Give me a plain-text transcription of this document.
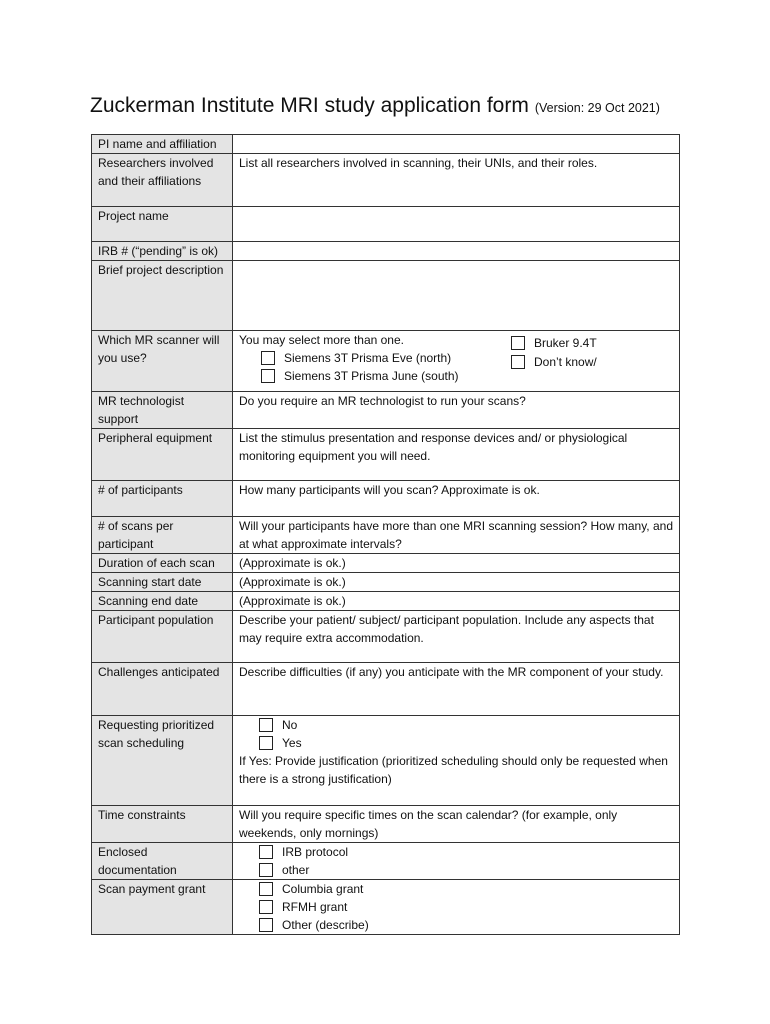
Zuckerman Institute MRI study application form (Version: 29 Oct 2021)
PI name and affiliation	
Researchers involved and their affiliations	List all researchers involved in scanning, their UNIs, and their roles.
Project name	
IRB # (“pending” is ok)	
Brief project description	
Which MR scanner will you use?	You may select more than one.
Siemens 3T Prisma Eve (north)
Siemens 3T Prisma June (south)
Bruker 9.4T
Don’t know/

MR technologist support	Do you require an MR technologist to run your scans?
Peripheral equipment	List the stimulus presentation and response devices and/ or physiological monitoring equipment you will need.
# of participants	How many participants will you scan? Approximate is ok.
# of scans per participant	Will your participants have more than one MRI scanning session? How many, and at what approximate intervals?
Duration of each scan	(Approximate is ok.)
Scanning start date	(Approximate is ok.)
Scanning end date	(Approximate is ok.)
Participant population	Describe your patient/ subject/ participant population. Include any aspects that may require extra accommodation.
Challenges anticipated	Describe difficulties (if any) you anticipate with the MR component of your study.
Requesting prioritized scan scheduling	No
Yes
If Yes: Provide justification (prioritized scheduling should only be requested when there is a strong justification)

Time constraints	Will you require specific times on the scan calendar? (for example, only weekends, only mornings)
Enclosed documentation	IRB protocol
other

Scan payment grant	Columbia grant
RFMH grant
Other (describe)
